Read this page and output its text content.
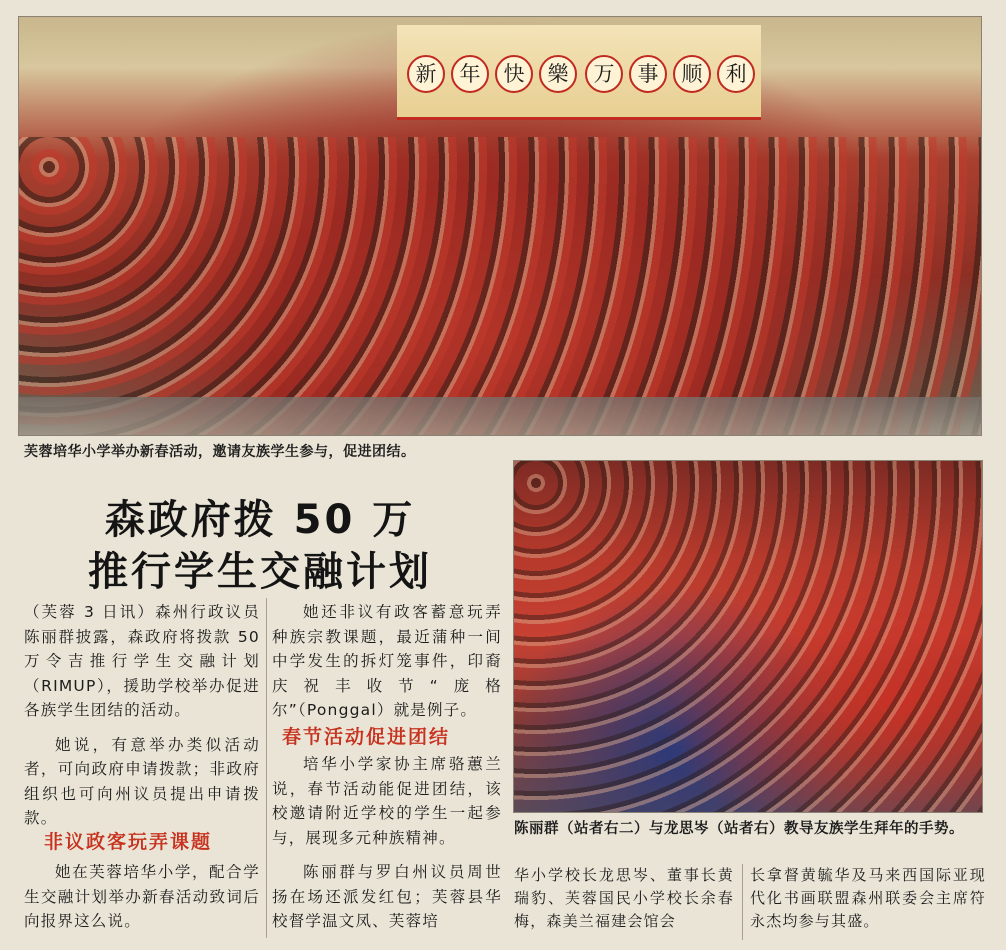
新	年	快	樂	万	事	顺	利
芙蓉培华小学举办新春活动，邀请友族学生参与，促进团结。
森政府拨 50 万
推行学生交融计划

（芙蓉 3 日讯）森州行政议员陈丽群披露，森政府将拨款 50 万令吉推行学生交融计划（RIMUP），援助学校举办促进各族学生团结的活动。

她说，有意举办类似活动者，可向政府申请拨款；非政府组织也可向州议员提出申请拨款。

非议政客玩弄课题

她在芙蓉培华小学，配合学生交融计划举办新春活动致词后向报界这么说。

她还非议有政客蓄意玩弄种族宗教课题，最近蒲种一间中学发生的拆灯笼事件，印裔庆祝丰收节“庞格尔”（Ponggal）就是例子。

春节活动促进团结

培华小学家协主席骆蕙兰说，春节活动能促进团结，该校邀请附近学校的学生一起参与，展现多元种族精神。

陈丽群与罗白州议员周世扬在场还派发红包；芙蓉县华校督学温文凤、芙蓉培

陈丽群（站者右二）与龙思岑（站者右）教导友族学生拜年的手势。
华小学校长龙思岑、董事长黄瑞豹、芙蓉国民小学校长余春梅，森美兰福建会馆会
长拿督黄毓华及马来西国际亚现代化书画联盟森州联委会主席符永杰均参与其盛。
